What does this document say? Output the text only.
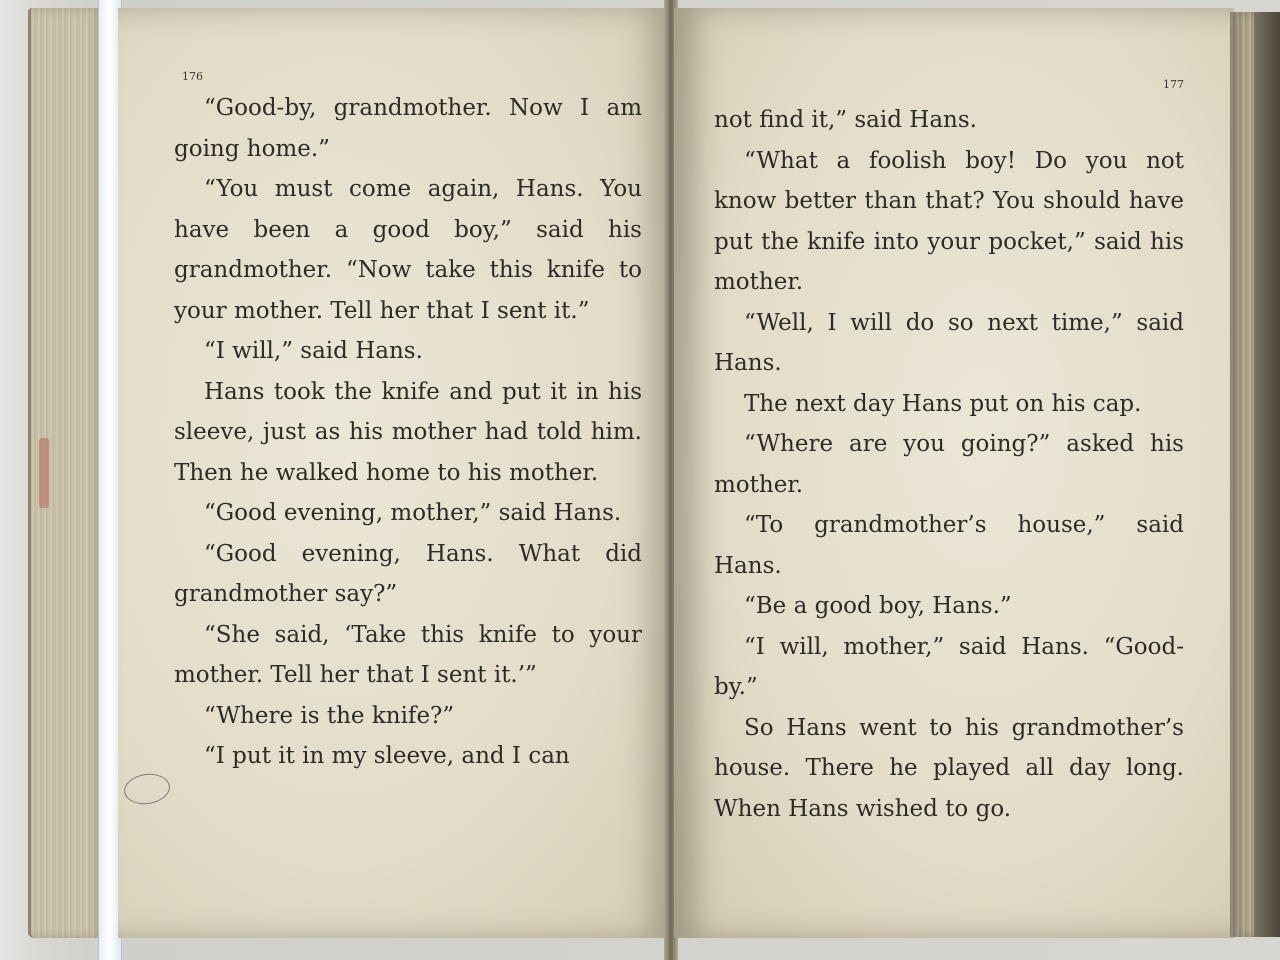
176

“Good-by, grandmother. Now I am going home.”

“You must come again, Hans. You have been a good boy,” said his grandmother. “Now take this knife to your mother. Tell her that I sent it.”

“I will,” said Hans.

Hans took the knife and put it in his sleeve, just as his mother had told him. Then he walked home to his mother.

“Good evening, mother,” said Hans.

“Good evening, Hans. What did grandmother say?”

“She said, ‘Take this knife to your mother. Tell her that I sent it.’”

“Where is the knife?”

“I put it in my sleeve, and I can

177

not find it,” said Hans.

“What a foolish boy! Do you not know better than that? You should have put the knife into your pocket,” said his mother.

“Well, I will do so next time,” said Hans.

The next day Hans put on his cap.

“Where are you going?” asked his mother.

“To grandmother’s house,” said Hans.

“Be a good boy, Hans.”

“I will, mother,” said Hans. “Good-by.”

So Hans went to his grandmother’s house. There he played all day long. When Hans wished to go.
